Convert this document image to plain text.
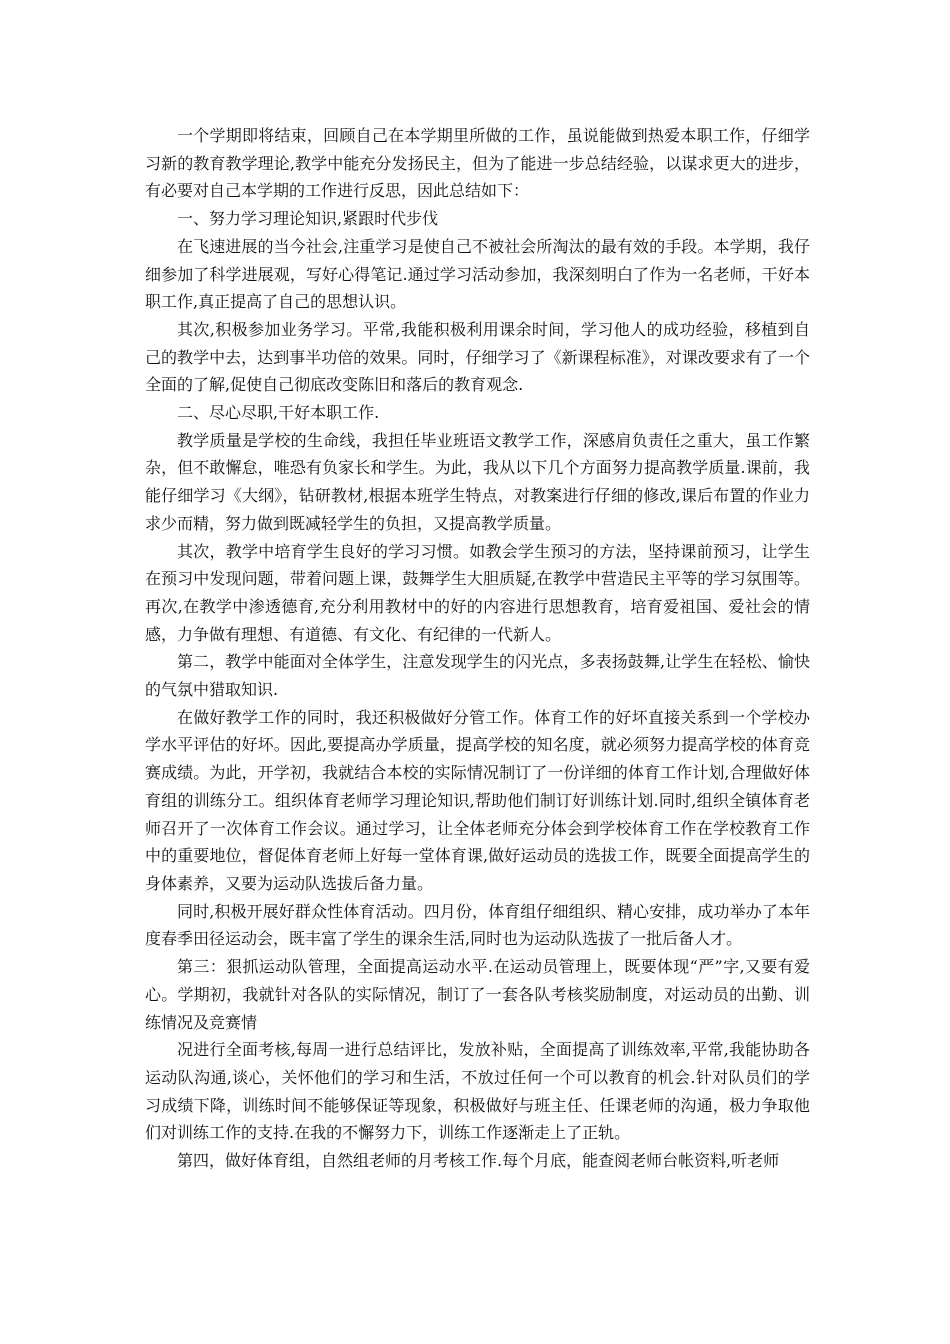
一个学期即将结束，回顾自己在本学期里所做的工作，虽说能做到热爱本职工作，仔细学习新的教育教学理论,教学中能充分发扬民主，但为了能进一步总结经验，以谋求更大的进步，有必要对自己本学期的工作进行反思，因此总结如下：

一、努力学习理论知识,紧跟时代步伐

在飞速进展的当今社会,注重学习是使自己不被社会所淘汰的最有效的手段。本学期，我仔细参加了科学进展观，写好心得笔记.通过学习活动参加，我深刻明白了作为一名老师，干好本职工作,真正提高了自己的思想认识。

其次,积极参加业务学习。平常,我能积极利用课余时间，学习他人的成功经验，移植到自己的教学中去，达到事半功倍的效果。同时，仔细学习了《新课程标准》，对课改要求有了一个全面的了解,促使自己彻底改变陈旧和落后的教育观念.

二、尽心尽职,干好本职工作.

教学质量是学校的生命线，我担任毕业班语文教学工作，深感肩负责任之重大，虽工作繁杂，但不敢懈怠，唯恐有负家长和学生。为此，我从以下几个方面努力提高教学质量.课前，我能仔细学习《大纲》，钻研教材,根据本班学生特点，对教案进行仔细的修改,课后布置的作业力求少而精，努力做到既减轻学生的负担，又提高教学质量。

其次，教学中培育学生良好的学习习惯。如教会学生预习的方法，坚持课前预习，让学生在预习中发现问题，带着问题上课，鼓舞学生大胆质疑,在教学中营造民主平等的学习氛围等。再次,在教学中渗透德育,充分利用教材中的好的内容进行思想教育，培育爱祖国、爱社会的情感，力争做有理想、有道德、有文化、有纪律的一代新人。

第二，教学中能面对全体学生，注意发现学生的闪光点，多表扬鼓舞,让学生在轻松、愉快的气氛中猎取知识.

在做好教学工作的同时，我还积极做好分管工作。体育工作的好坏直接关系到一个学校办学水平评估的好坏。因此,要提高办学质量，提高学校的知名度，就必须努力提高学校的体育竞赛成绩。为此，开学初，我就结合本校的实际情况制订了一份详细的体育工作计划,合理做好体育组的训练分工。组织体育老师学习理论知识,帮助他们制订好训练计划.同时,组织全镇体育老师召开了一次体育工作会议。通过学习，让全体老师充分体会到学校体育工作在学校教育工作中的重要地位，督促体育老师上好每一堂体育课,做好运动员的选拔工作，既要全面提高学生的身体素养，又要为运动队选拔后备力量。

同时,积极开展好群众性体育活动。四月份，体育组仔细组织、精心安排，成功举办了本年度春季田径运动会，既丰富了学生的课余生活,同时也为运动队选拔了一批后备人才。

第三：狠抓运动队管理，全面提高运动水平.在运动员管理上，既要体现“严”字,又要有爱心。学期初，我就针对各队的实际情况，制订了一套各队考核奖励制度，对运动员的出勤、训练情况及竞赛情

况进行全面考核,每周一进行总结评比，发放补贴，全面提高了训练效率,平常,我能协助各运动队沟通,谈心，关怀他们的学习和生活，不放过任何一个可以教育的机会.针对队员们的学习成绩下降，训练时间不能够保证等现象，积极做好与班主任、任课老师的沟通，极力争取他们对训练工作的支持.在我的不懈努力下，训练工作逐渐走上了正轨。

第四，做好体育组，自然组老师的月考核工作.每个月底，能查阅老师台帐资料,听老师
